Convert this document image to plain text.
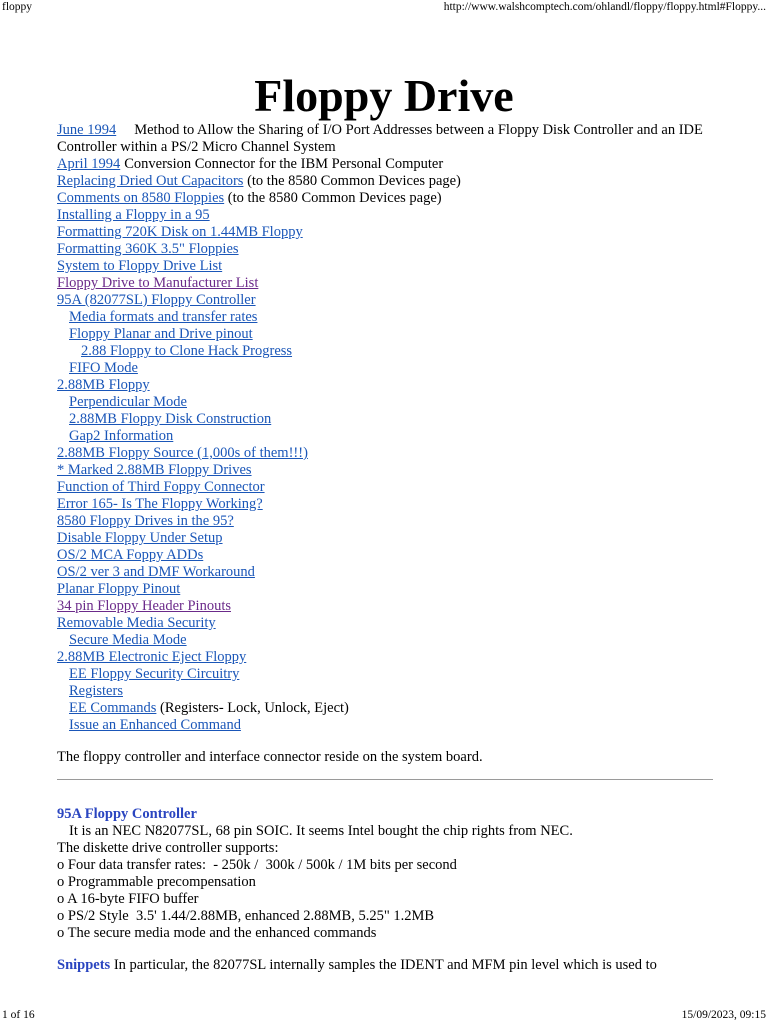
floppy	http://www.walshcomptech.com/ohlandl/floppy/floppy.html#Floppy...
Floppy Drive
June 1994 Method to Allow the Sharing of I/O Port Addresses between a Floppy Disk Controller and an IDE Controller within a PS/2 Micro Channel System
April 1994 Conversion Connector for the IBM Personal Computer
Replacing Dried Out Capacitors (to the 8580 Common Devices page)
Comments on 8580 Floppies (to the 8580 Common Devices page)
Installing a Floppy in a 95
Formatting 720K Disk on 1.44MB Floppy
Formatting 360K 3.5" Floppies
System to Floppy Drive List
Floppy Drive to Manufacturer List
95A (82077SL) Floppy Controller
Media formats and transfer rates
Floppy Planar and Drive pinout
2.88 Floppy to Clone Hack Progress
FIFO Mode
2.88MB Floppy
Perpendicular Mode
2.88MB Floppy Disk Construction
Gap2 Information
2.88MB Floppy Source (1,000s of them!!!)
* Marked 2.88MB Floppy Drives
Function of Third Foppy Connector
Error 165- Is The Floppy Working?
8580 Floppy Drives in the 95?
Disable Floppy Under Setup
OS/2 MCA Foppy ADDs
OS/2 ver 3 and DMF Workaround
Planar Floppy Pinout
34 pin Floppy Header Pinouts
Removable Media Security
Secure Media Mode
2.88MB Electronic Eject Floppy
EE Floppy Security Circuitry
Registers
EE Commands (Registers- Lock, Unlock, Eject)
Issue an Enhanced Command
The floppy controller and interface connector reside on the system board.
95A Floppy Controller
It is an NEC N82077SL, 68 pin SOIC. It seems Intel bought the chip rights from NEC.
The diskette drive controller supports:
o Four data transfer rates:  - 250k /  300k / 500k / 1M bits per second
o Programmable precompensation
o A 16-byte FIFO buffer
o PS/2 Style  3.5' 1.44/2.88MB, enhanced 2.88MB, 5.25" 1.2MB
o The secure media mode and the enhanced commands
Snippets In particular, the 82077SL internally samples the IDENT and MFM pin level which is used to
1 of 16	15/09/2023, 09:15
